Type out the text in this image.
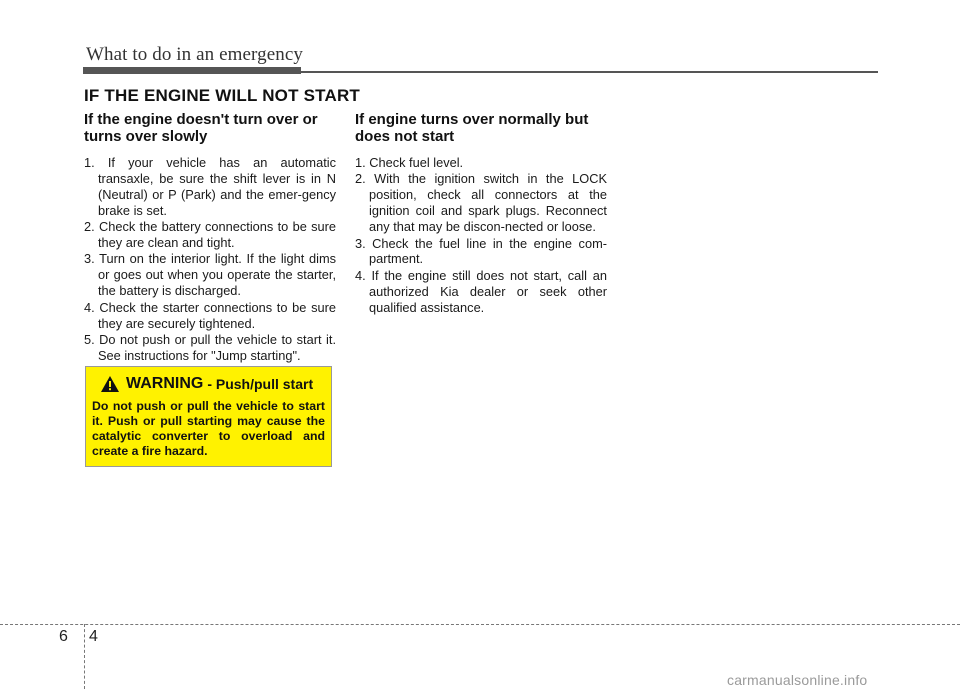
What to do in an emergency
IF THE ENGINE WILL NOT START
If the engine doesn't turn over or turns over slowly
1. If your vehicle has an automatic transaxle, be sure the shift lever is in N (Neutral) or P (Park) and the emer-gency brake is set.
2. Check the battery connections to be sure they are clean and tight.
3. Turn on the interior light. If the light dims or goes out when you operate the starter, the battery is discharged.
4. Check the starter connections to be sure they are securely tightened.
5. Do not push or pull the vehicle to start it. See instructions for "Jump starting".
If engine turns over normally but does not start
1. Check fuel level.
2. With the ignition switch in the LOCK position, check all connectors at the ignition coil and spark plugs. Reconnect any that may be discon-nected or loose.
3. Check the fuel line in the engine com-partment.
4. If the engine still does not start, call an authorized Kia dealer or seek other qualified assistance.
WARNING - Push/pull start
Do not push or pull the vehicle to start it. Push or pull starting may cause the catalytic converter to overload and create a fire hazard.
6 4
carmanualsonline.info
